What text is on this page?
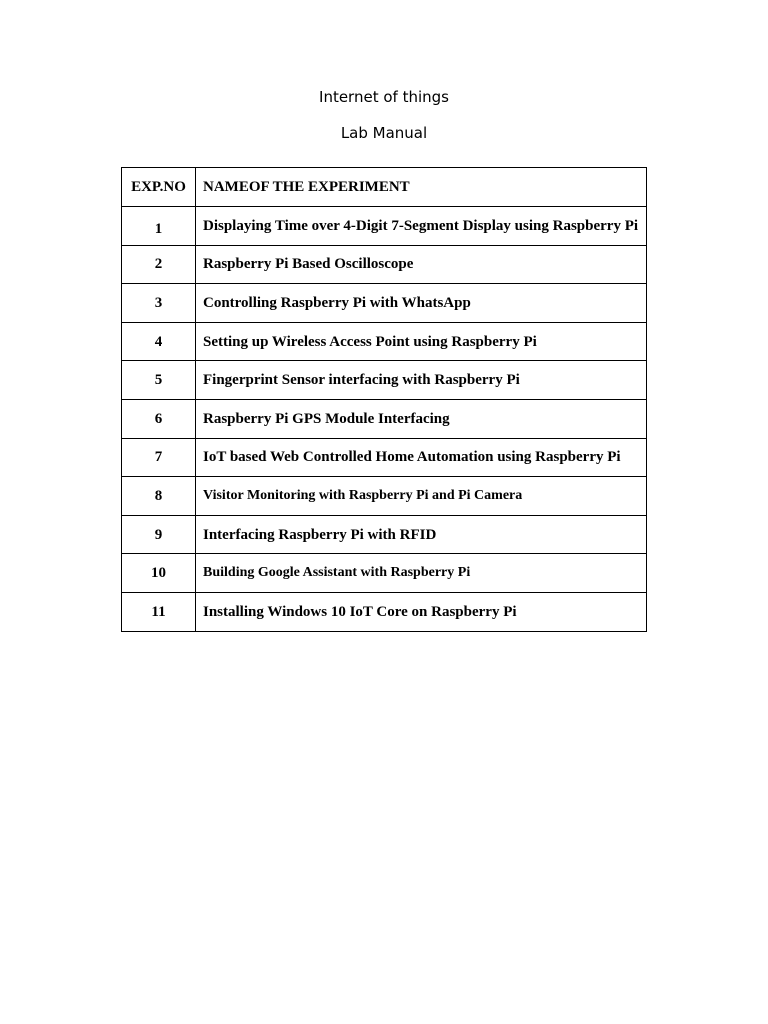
Internet of things
Lab Manual
EXP.NO	NAMEOF THE EXPERIMENT
1	Displaying Time over 4-Digit 7-Segment Display using Raspberry Pi
2	Raspberry Pi Based Oscilloscope
3	Controlling Raspberry Pi with WhatsApp
4	Setting up Wireless Access Point using Raspberry Pi
5	Fingerprint Sensor interfacing with Raspberry Pi
6	Raspberry Pi GPS Module Interfacing
7	IoT based Web Controlled Home Automation using Raspberry Pi
8	Visitor Monitoring with Raspberry Pi and Pi Camera
9	Interfacing Raspberry Pi with RFID
10	Building Google Assistant with Raspberry Pi
11	Installing Windows 10 IoT Core on Raspberry Pi
